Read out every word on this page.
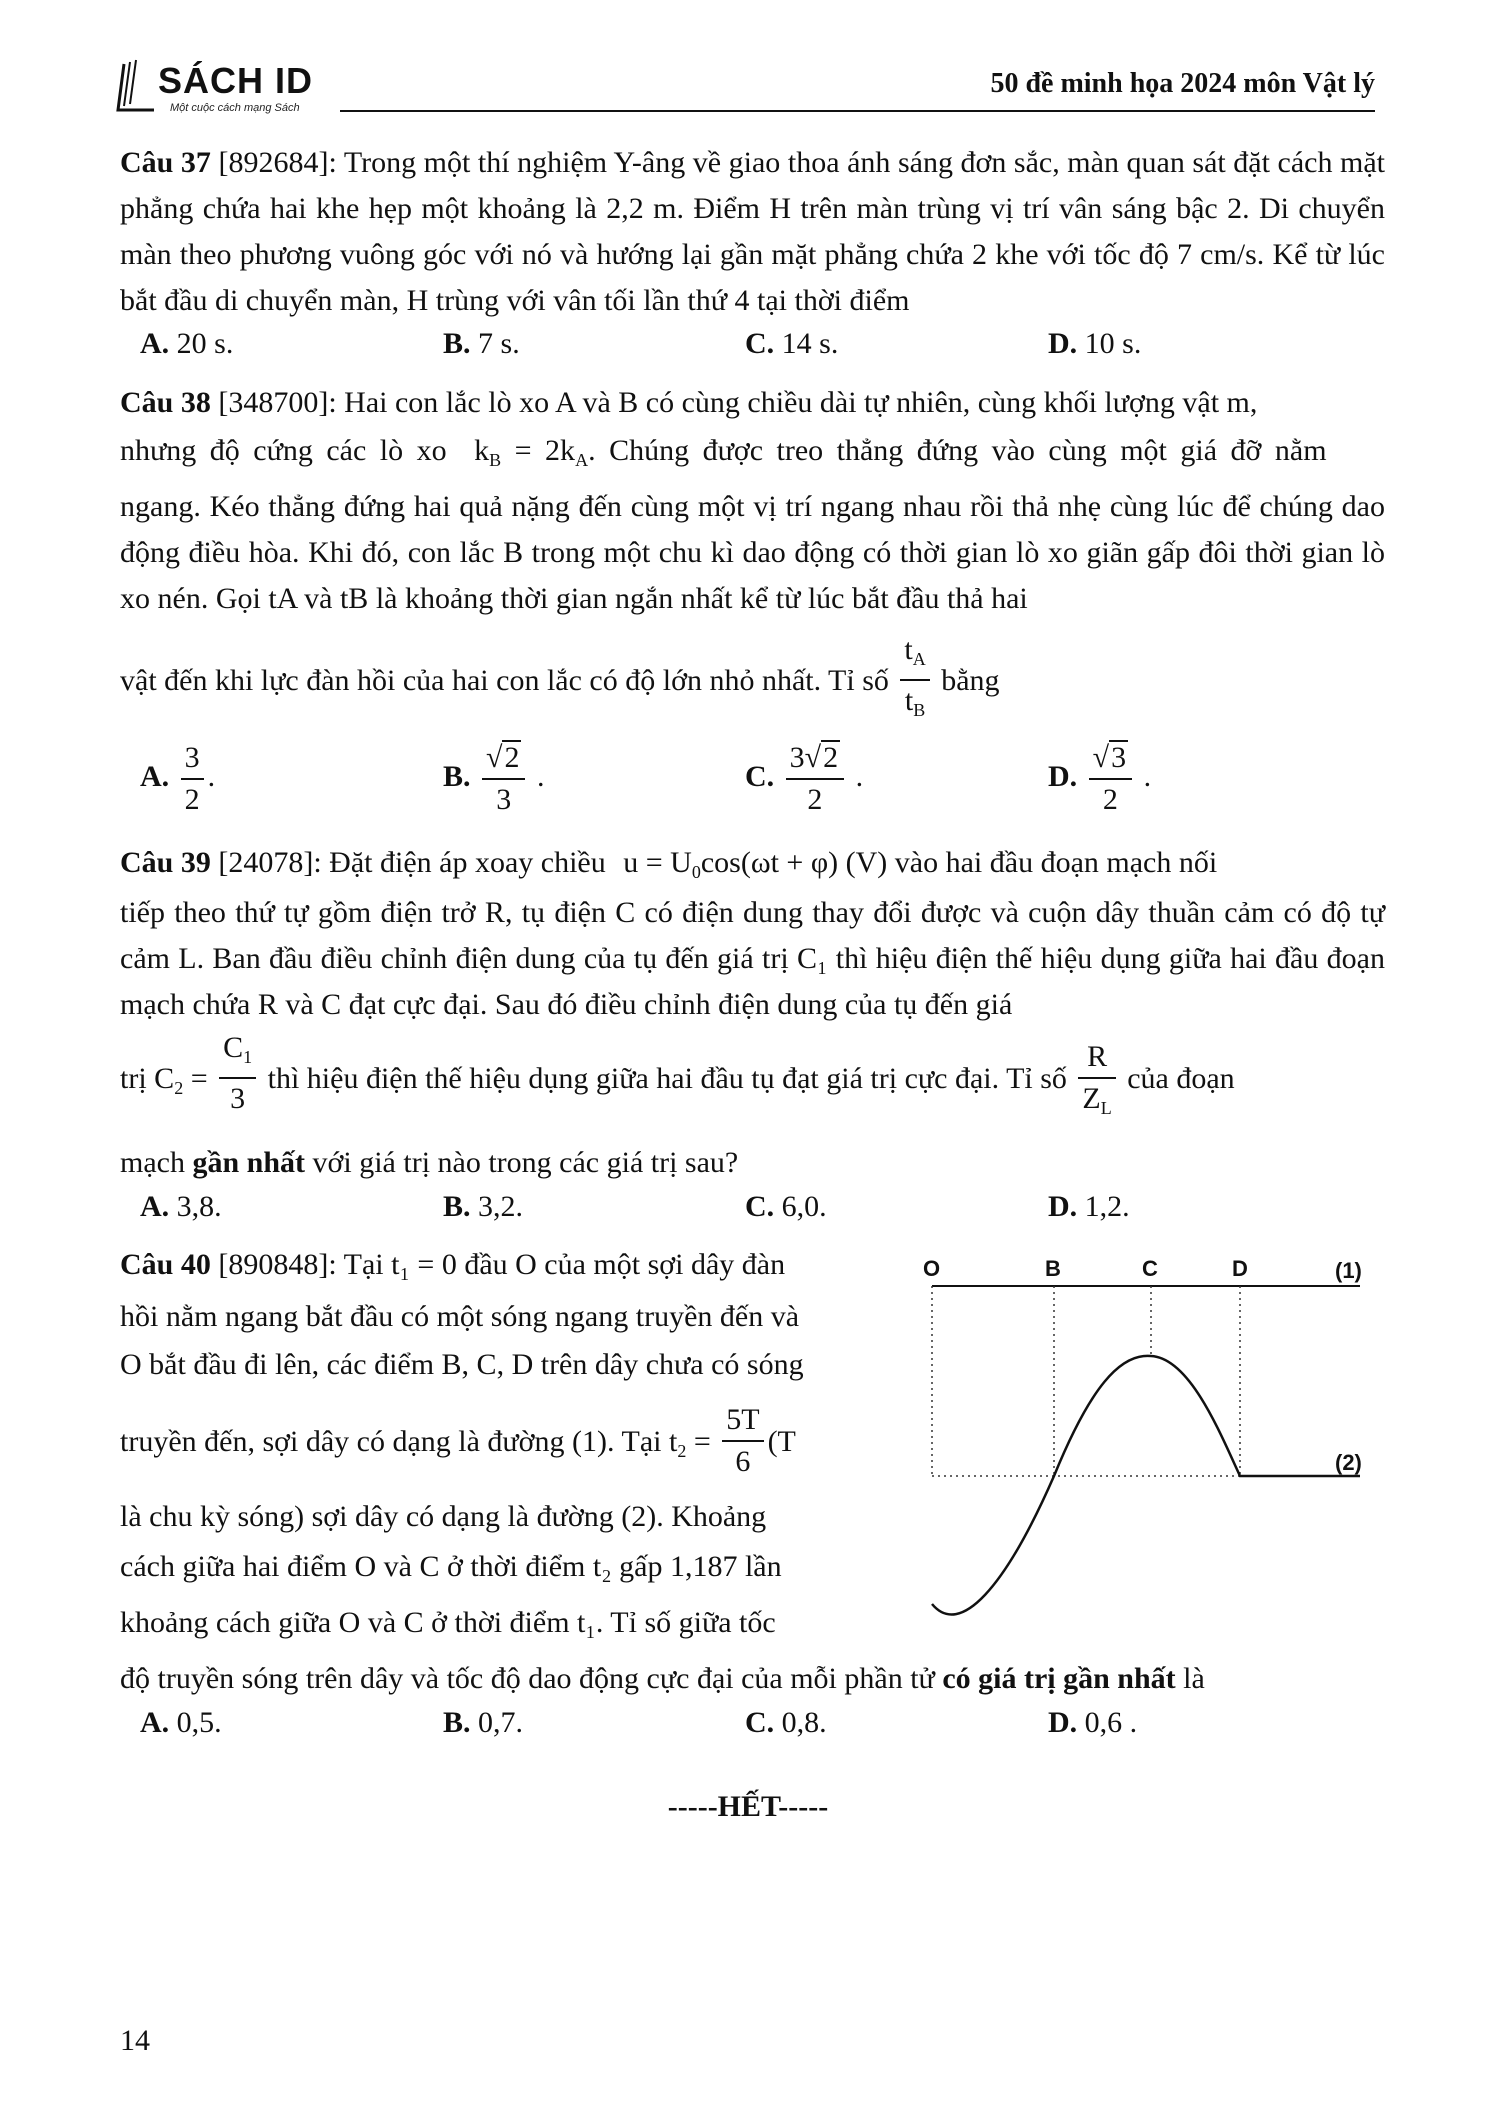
SÁCH ID
Một cuộc cách mạng Sách
50 đề minh họa 2024 môn Vật lý
Câu 37 [892684]: Trong một thí nghiệm Y-âng về giao thoa ánh sáng đơn sắc, màn quan sát đặt cách mặt phẳng chứa hai khe hẹp một khoảng là 2,2 m. Điểm H trên màn trùng vị trí vân sáng bậc 2. Di chuyển màn theo phương vuông góc với nó và hướng lại gần mặt phẳng chứa 2 khe với tốc độ 7 cm/s. Kể từ lúc bắt đầu di chuyển màn, H trùng với vân tối lần thứ 4 tại thời điểm
A. 20 s.	B. 7 s.	C. 14 s.	D. 10 s.
Câu 38 [348700]: Hai con lắc lò xo A và B có cùng chiều dài tự nhiên, cùng khối lượng vật m,
nhưng độ cứng các lò xo $k_B = 2k_A$. Chúng được treo thẳng đứng vào cùng một giá đỡ nằm
ngang. Kéo thẳng đứng hai quả nặng đến cùng một vị trí ngang nhau rồi thả nhẹ cùng lúc để chúng dao động điều hòa. Khi đó, con lắc B trong một chu kì dao động có thời gian lò xo giãn gấp đôi thời gian lò xo nén. Gọi tA và tB là khoảng thời gian ngắn nhất kể từ lúc bắt đầu thả hai
vật đến khi lực đàn hồi của hai con lắc có độ lớn nhỏ nhất. Tỉ số $\frac{t_A}{t_B}$ bằng
A. $\frac{3}{2}$ .	B. $\frac{√2}{3}$ .	C. $\frac{3√2}{2}$ .	D. $\frac{√3}{2}$ .
Câu 39 [24078]: Đặt điện áp xoay chiều $u = U_0\cos(\omega t + \varphi)$ (V) vào hai đầu đoạn mạch nối
tiếp theo thứ tự gồm điện trở R, tụ điện C có điện dung thay đổi được và cuộn dây thuần cảm có độ tự cảm L. Ban đầu điều chỉnh điện dung của tụ đến giá trị C₁ thì hiệu điện thế hiệu dụng giữa hai đầu đoạn mạch chứa R và C đạt cực đại. Sau đó điều chỉnh điện dung của tụ đến giá
trị $C_2 = \frac{C_1}{3}$ thì hiệu điện thế hiệu dụng giữa hai đầu tụ đạt giá trị cực đại. Tỉ số $\frac{R}{Z_L}$ của đoạn
mạch gần nhất với giá trị nào trong các giá trị sau?
A. 3,8.	B. 3,2.	C. 6,0.	D. 1,2.
Câu 40 [890848]: Tại t₁ = 0 đầu O của một sợi dây đàn
hồi nằm ngang bắt đầu có một sóng ngang truyền đến và
O bắt đầu đi lên, các điểm B, C, D trên dây chưa có sóng
truyền đến, sợi dây có dạng là đường (1). Tại $t_2 = \frac{5T}{6} (T$
là chu kỳ sóng) sợi dây có dạng là đường (2). Khoảng
cách giữa hai điểm O và C ở thời điểm t₂ gấp 1,187 lần
khoảng cách giữa O và C ở thời điểm t₁. Tỉ số giữa tốc
độ truyền sóng trên dây và tốc độ dao động cực đại của mỗi phần tử có giá trị gần nhất là
A. 0,5.	B. 0,7.	C. 0,8.	D. 0,6 .
O	B	C	D	(1)
(2)
-----HẾT-----
14
